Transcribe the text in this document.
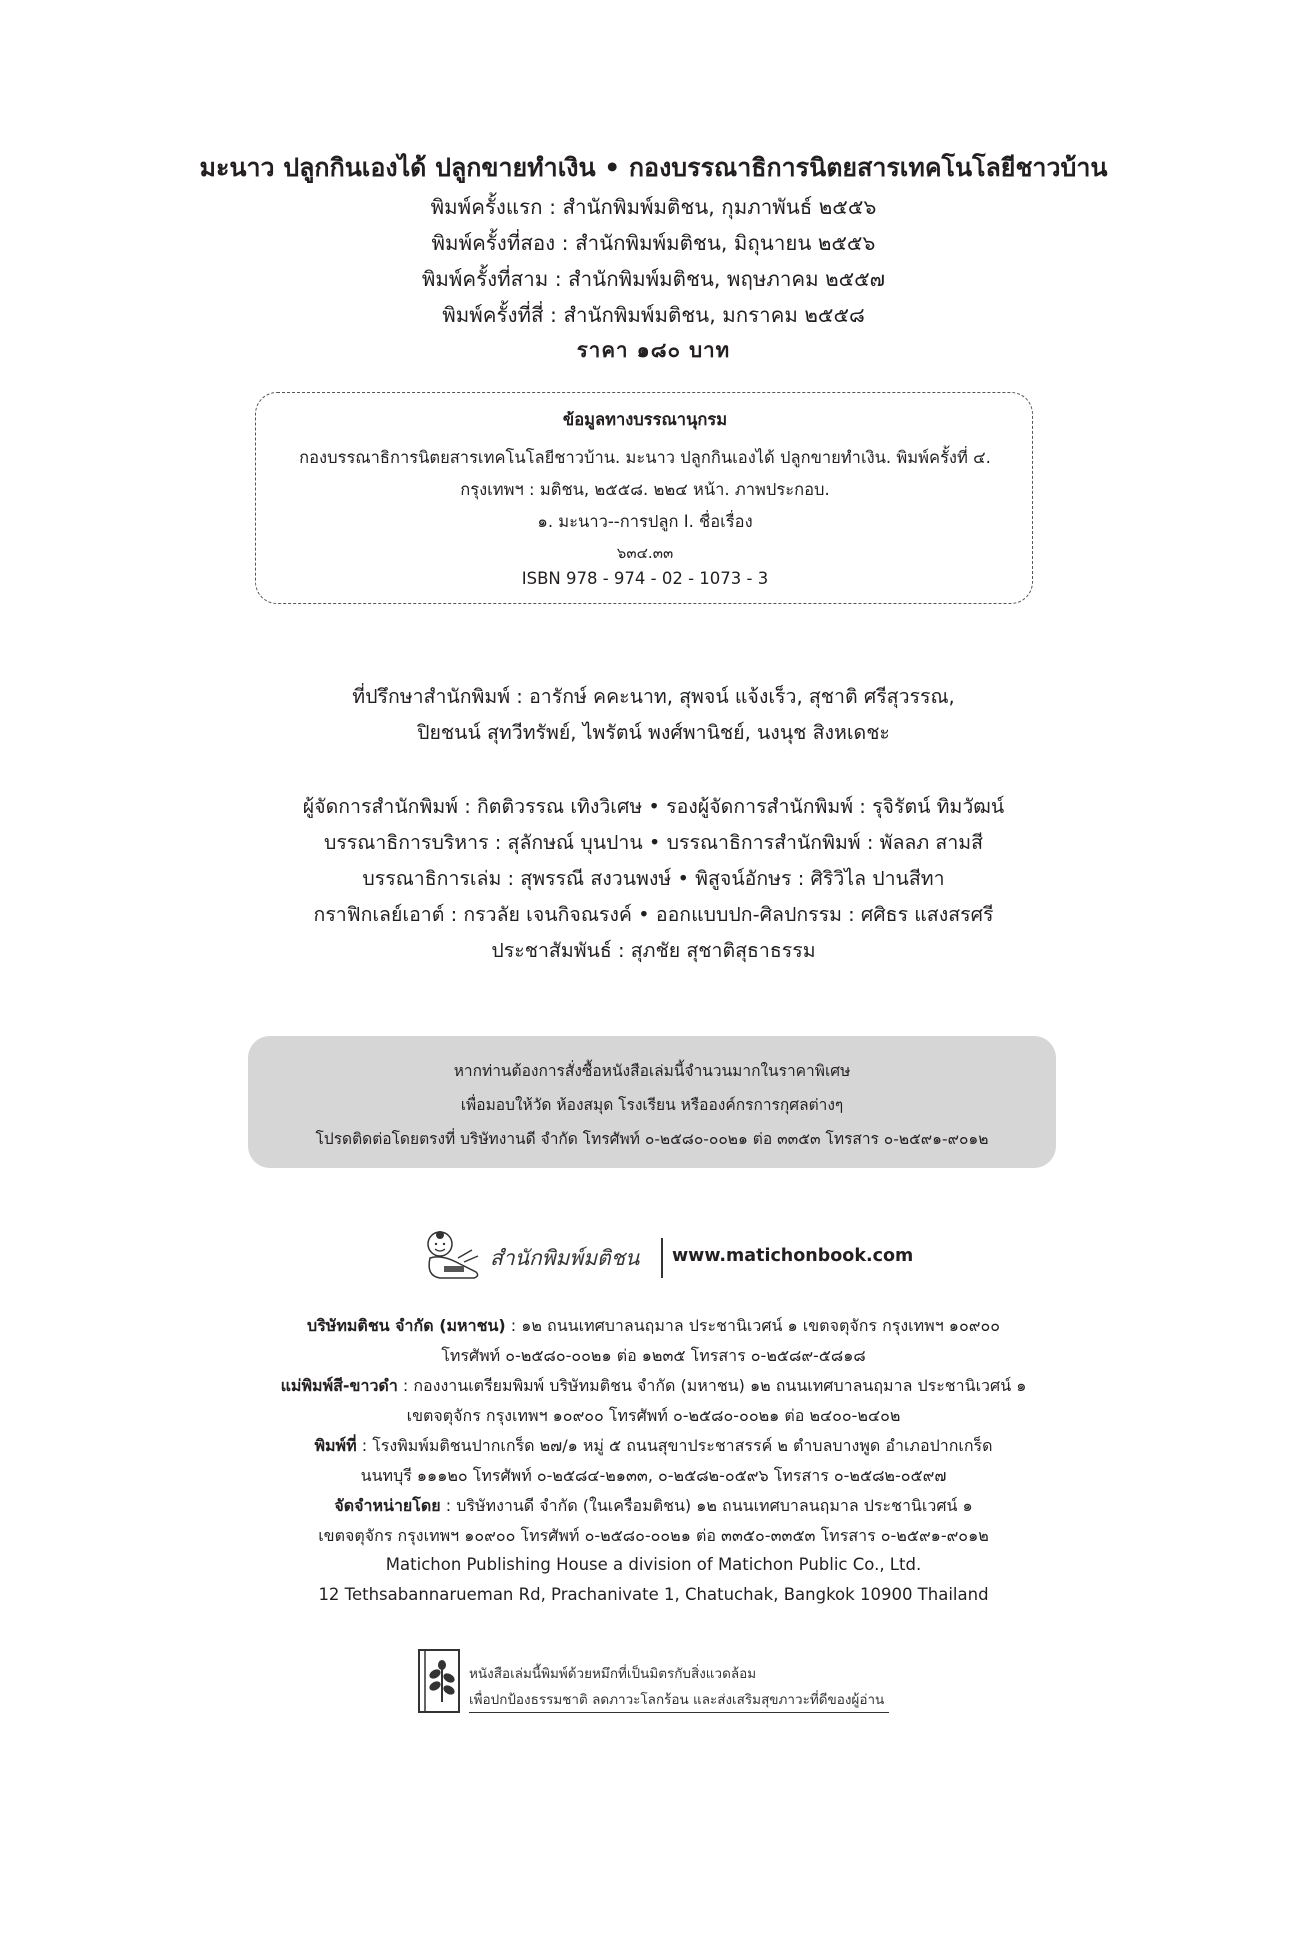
มะนาว ปลูกกินเองได้ ปลูกขายทำเงิน • กองบรรณาธิการนิตยสารเทคโนโลยีชาวบ้าน
พิมพ์ครั้งแรก : สำนักพิมพ์มติชน, กุมภาพันธ์ ๒๕๕๖
พิมพ์ครั้งที่สอง : สำนักพิมพ์มติชน, มิถุนายน ๒๕๕๖
พิมพ์ครั้งที่สาม : สำนักพิมพ์มติชน, พฤษภาคม ๒๕๕๗
พิมพ์ครั้งที่สี่ : สำนักพิมพ์มติชน, มกราคม ๒๕๕๘
ราคา ๑๘๐ บาท
ข้อมูลทางบรรณานุกรม
กองบรรณาธิการนิตยสารเทคโนโลยีชาวบ้าน. มะนาว ปลูกกินเองได้ ปลูกขายทำเงิน. พิมพ์ครั้งที่ ๔.
กรุงเทพฯ : มติชน, ๒๕๕๘. ๒๒๔ หน้า. ภาพประกอบ.
๑. มะนาว--การปลูก I. ชื่อเรื่อง
๖๓๔.๓๓
ISBN 978 - 974 - 02 - 1073 - 3
ที่ปรึกษาสำนักพิมพ์ : อารักษ์ คคะนาท, สุพจน์ แจ้งเร็ว, สุชาติ ศรีสุวรรณ,
ปิยชนน์ สุทวีทรัพย์, ไพรัตน์ พงศ์พานิชย์, นงนุช สิงหเดชะ
ผู้จัดการสำนักพิมพ์ : กิตติวรรณ เทิงวิเศษ • รองผู้จัดการสำนักพิมพ์ : รุจิรัตน์ ทิมวัฒน์
บรรณาธิการบริหาร : สุลักษณ์ บุนปาน • บรรณาธิการสำนักพิมพ์ : พัลลภ สามสี
บรรณาธิการเล่ม : สุพรรณี สงวนพงษ์ • พิสูจน์อักษร : ศิริวิไล ปานสีทา
กราฟิกเลย์เอาต์ : กรวลัย เจนกิจณรงค์ • ออกแบบปก-ศิลปกรรม : ศศิธร แสงสรศรี
ประชาสัมพันธ์ : สุภชัย สุชาติสุธาธรรม
หากท่านต้องการสั่งซื้อหนังสือเล่มนี้จำนวนมากในราคาพิเศษ
เพื่อมอบให้วัด ห้องสมุด โรงเรียน หรือองค์กรการกุศลต่างๆ
โปรดติดต่อโดยตรงที่ บริษัทงานดี จำกัด โทรศัพท์ ๐-๒๕๘๐-๐๐๒๑ ต่อ ๓๓๕๓ โทรสาร ๐-๒๕๙๑-๙๐๑๒
สำนักพิมพ์มติชน www.matichonbook.com
บริษัทมติชน จำกัด (มหาชน) : ๑๒ ถนนเทศบาลนฤมาล ประชานิเวศน์ ๑ เขตจตุจักร กรุงเทพฯ ๑๐๙๐๐
โทรศัพท์ ๐-๒๕๘๐-๐๐๒๑ ต่อ ๑๒๓๕ โทรสาร ๐-๒๕๘๙-๕๘๑๘
แม่พิมพ์สี-ขาวดำ : กองงานเตรียมพิมพ์ บริษัทมติชน จำกัด (มหาชน) ๑๒ ถนนเทศบาลนฤมาล ประชานิเวศน์ ๑
เขตจตุจักร กรุงเทพฯ ๑๐๙๐๐ โทรศัพท์ ๐-๒๕๘๐-๐๐๒๑ ต่อ ๒๔๐๐-๒๔๐๒
พิมพ์ที่ : โรงพิมพ์มติชนปากเกร็ด ๒๗/๑ หมู่ ๕ ถนนสุขาประชาสรรค์ ๒ ตำบลบางพูด อำเภอปากเกร็ด
นนทบุรี ๑๑๑๒๐ โทรศัพท์ ๐-๒๕๘๔-๒๑๓๓, ๐-๒๕๘๒-๐๕๙๖ โทรสาร ๐-๒๕๘๒-๐๕๙๗
จัดจำหน่ายโดย : บริษัทงานดี จำกัด (ในเครือมติชน) ๑๒ ถนนเทศบาลนฤมาล ประชานิเวศน์ ๑
เขตจตุจักร กรุงเทพฯ ๑๐๙๐๐ โทรศัพท์ ๐-๒๕๘๐-๐๐๒๑ ต่อ ๓๓๕๐-๓๓๕๓ โทรสาร ๐-๒๕๙๑-๙๐๑๒
Matichon Publishing House a division of Matichon Public Co., Ltd.
12 Tethsabannarueman Rd, Prachanivate 1, Chatuchak, Bangkok 10900 Thailand
หนังสือเล่มนี้พิมพ์ด้วยหมึกที่เป็นมิตรกับสิ่งแวดล้อม
เพื่อปกป้องธรรมชาติ ลดภาวะโลกร้อน และส่งเสริมสุขภาวะที่ดีของผู้อ่าน
